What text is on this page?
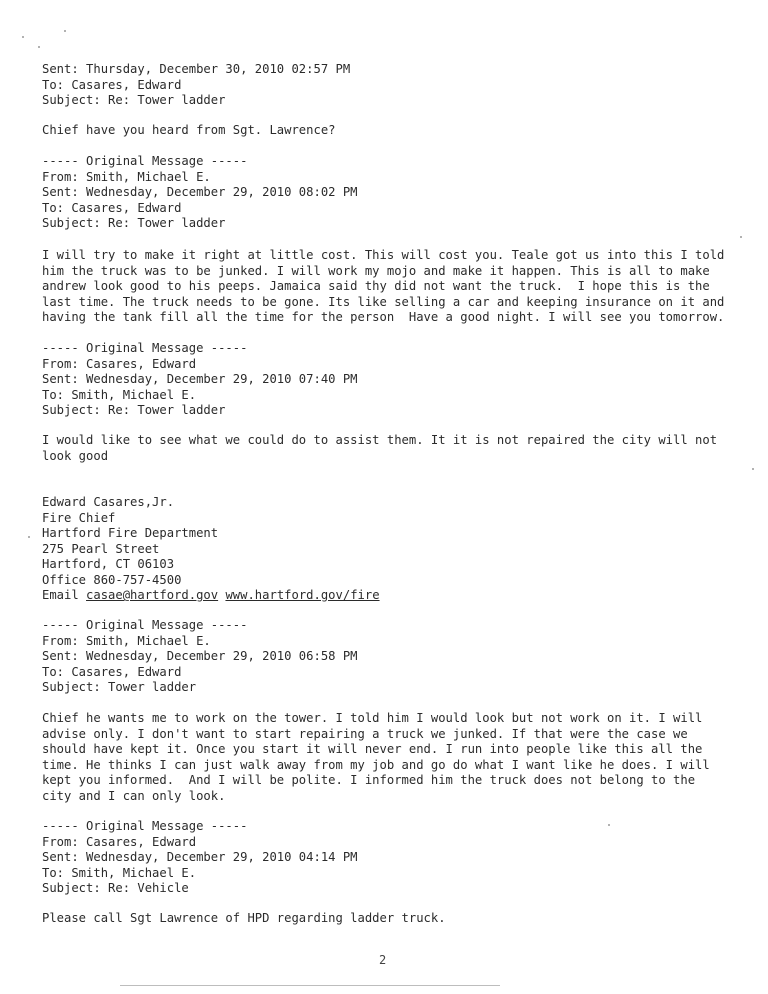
Sent: Thursday, December 30, 2010 02:57 PM
To: Casares, Edward
Subject: Re: Tower ladder
Chief have you heard from Sgt. Lawrence?
----- Original Message -----
From: Smith, Michael E.
Sent: Wednesday, December 29, 2010 08:02 PM
To: Casares, Edward
Subject: Re: Tower ladder
I will try to make it right at little cost. This will cost you. Teale got us into this I told
him the truck was to be junked. I will work my mojo and make it happen. This is all to make
andrew look good to his peeps. Jamaica said thy did not want the truck.  I hope this is the
last time. The truck needs to be gone. Its like selling a car and keeping insurance on it and
having the tank fill all the time for the person  Have a good night. I will see you tomorrow.
----- Original Message -----
From: Casares, Edward
Sent: Wednesday, December 29, 2010 07:40 PM
To: Smith, Michael E.
Subject: Re: Tower ladder
I would like to see what we could do to assist them. It it is not repaired the city will not
look good
Edward Casares,Jr.
Fire Chief
Hartford Fire Department
275 Pearl Street
Hartford, CT 06103
Office 860-757-4500
Email casae@hartford.gov www.hartford.gov/fire
----- Original Message -----
From: Smith, Michael E.
Sent: Wednesday, December 29, 2010 06:58 PM
To: Casares, Edward
Subject: Tower ladder
Chief he wants me to work on the tower. I told him I would look but not work on it. I will
advise only. I don't want to start repairing a truck we junked. If that were the case we
should have kept it. Once you start it will never end. I run into people like this all the
time. He thinks I can just walk away from my job and go do what I want like he does. I will
kept you informed.  And I will be polite. I informed him the truck does not belong to the
city and I can only look.
----- Original Message -----
From: Casares, Edward
Sent: Wednesday, December 29, 2010 04:14 PM
To: Smith, Michael E.
Subject: Re: Vehicle
Please call Sgt Lawrence of HPD regarding ladder truck.
2
